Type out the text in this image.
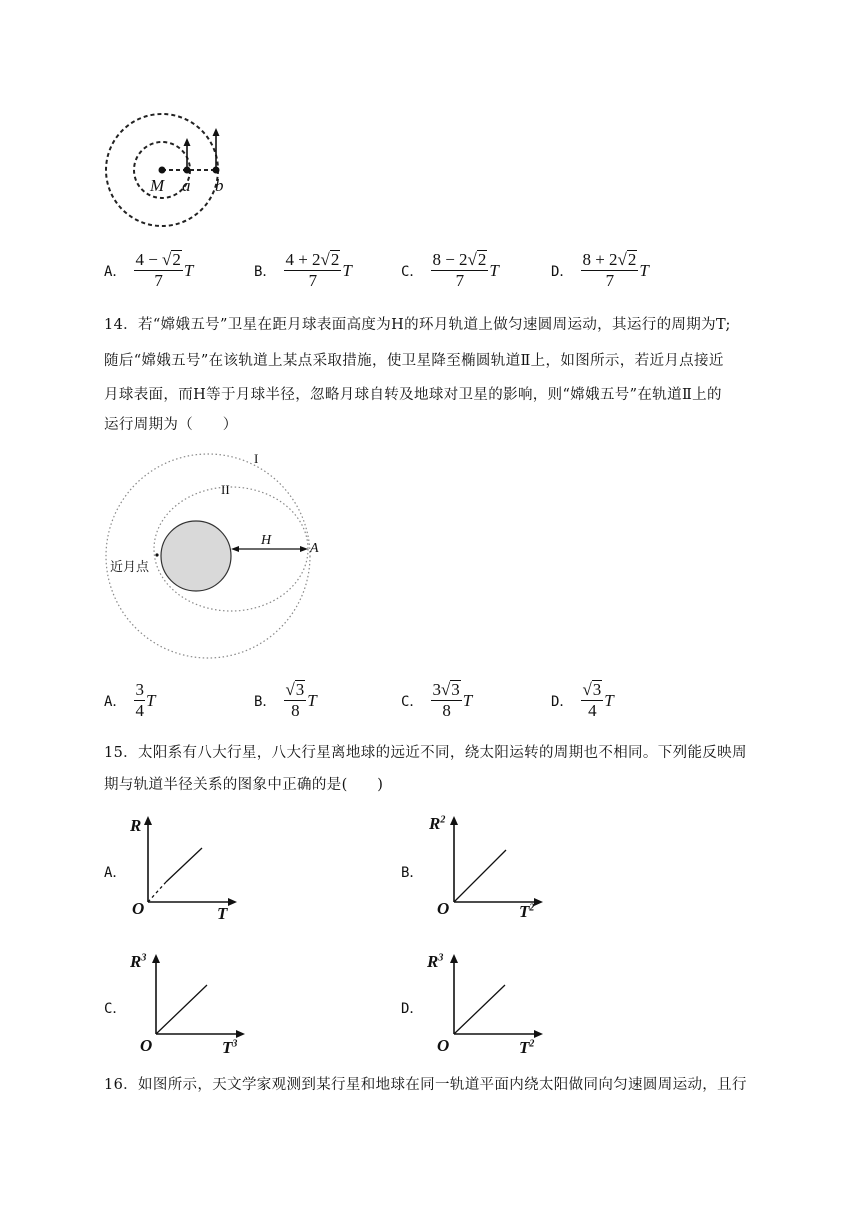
M a b
A． $\frac{4 - √2}{7}$ T	B． $\frac{4 + 2√2}{7}$ T	C． $\frac{8 - 2√2}{7}$ T	D． $\frac{8 + 2√2}{7}$ T
14．若“嫦娥五号”卫星在距月球表面高度为H的环月轨道上做匀速圆周运动，其运行的周期为T;
随后“嫦娥五号”在该轨道上某点采取措施，使卫星降至椭圆轨道Ⅱ上，如图所示，若近月点接近
月球表面，而H等于月球半径，忽略月球自转及地球对卫星的影响，则“嫦娥五号”在轨道Ⅱ上的
运行周期为（　　）
I
II
H
A
近月点
A． $\frac{3}{4}$ T	B． $\frac{√3}{8}$ T	C． $\frac{3√3}{8}$ T	D． $\frac{√3}{4}$ T
15．太阳系有八大行星，八大行星离地球的远近不同，绕太阳运转的周期也不相同。下列能反映周
期与轨道半径关系的图象中正确的是(　　)
A．
R
O	T
B．
$R^2$
O	$T^2$
C．
$R^3$
O	$T^3$
D．
$R^3$
O	$T^2$
16．如图所示，天文学家观测到某行星和地球在同一轨道平面内绕太阳做同向匀速圆周运动，且行
